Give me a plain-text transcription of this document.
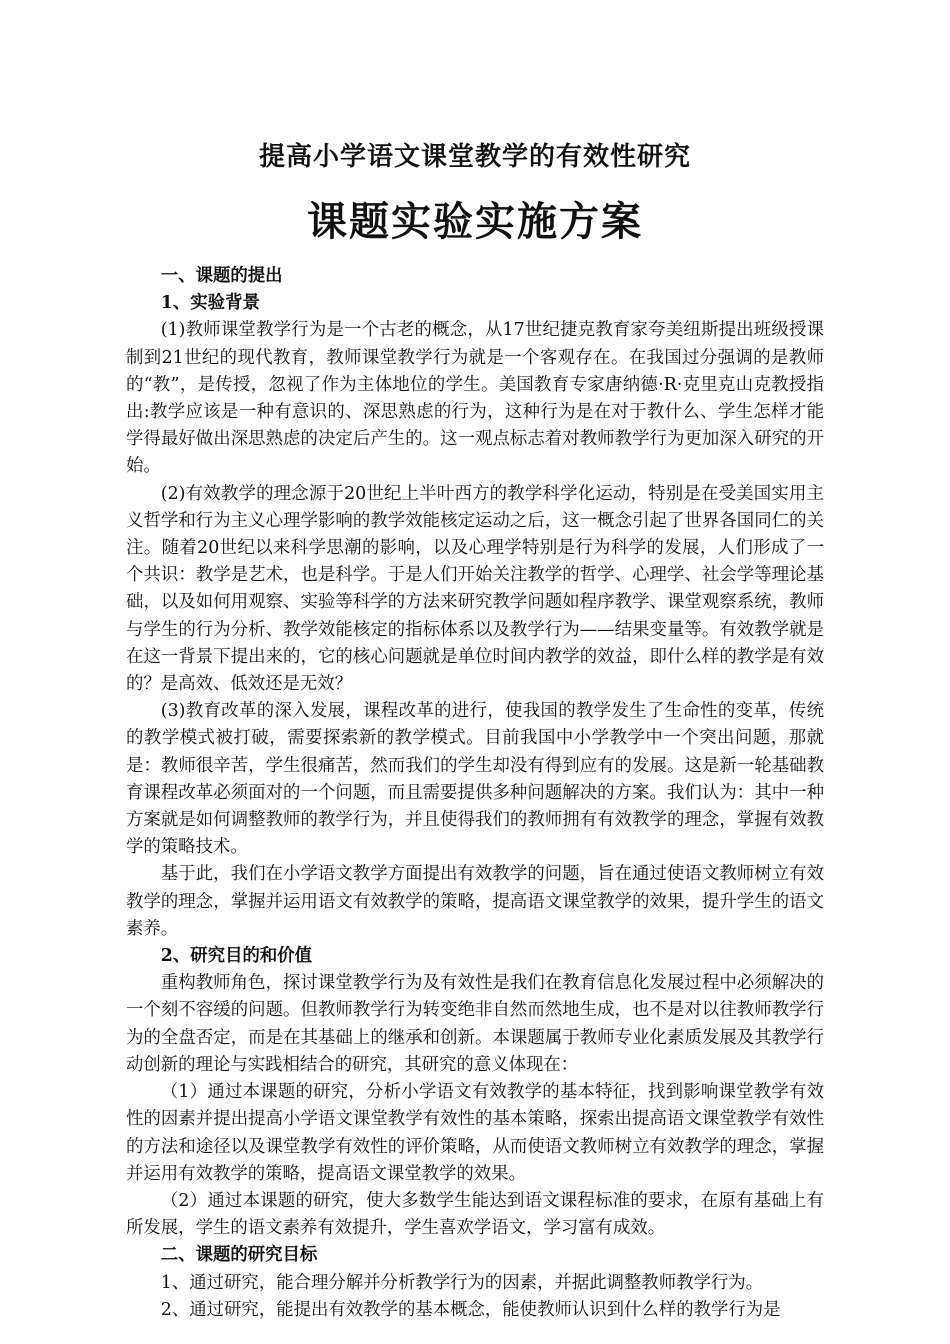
提高小学语文课堂教学的有效性研究
课题实验实施方案
一、课题的提出
1、实验背景

(1)教师课堂教学行为是一个古老的概念，从17世纪捷克教育家夸美纽斯提出班级授课制到21世纪的现代教育，教师课堂教学行为就是一个客观存在。在我国过分强调的是教师的“教”，是传授，忽视了作为主体地位的学生。美国教育专家唐纳德·R·克里克山克教授指出:教学应该是一种有意识的、深思熟虑的行为，这种行为是在对于教什么、学生怎样才能学得最好做出深思熟虑的决定后产生的。这一观点标志着对教师教学行为更加深入研究的开始。

(2)有效教学的理念源于20世纪上半叶西方的教学科学化运动，特别是在受美国实用主义哲学和行为主义心理学影响的教学效能核定运动之后，这一概念引起了世界各国同仁的关注。随着20世纪以来科学思潮的影响，以及心理学特别是行为科学的发展，人们形成了一个共识：教学是艺术，也是科学。于是人们开始关注教学的哲学、心理学、社会学等理论基础，以及如何用观察、实验等科学的方法来研究教学问题如程序教学、课堂观察系统，教师与学生的行为分析、教学效能核定的指标体系以及教学行为——结果变量等。有效教学就是在这一背景下提出来的，它的核心问题就是单位时间内教学的效益，即什么样的教学是有效的？是高效、低效还是无效？

(3)教育改革的深入发展，课程改革的进行，使我国的教学发生了生命性的变革，传统的教学模式被打破，需要探索新的教学模式。目前我国中小学教学中一个突出问题，那就是：教师很辛苦，学生很痛苦，然而我们的学生却没有得到应有的发展。这是新一轮基础教育课程改革必须面对的一个问题，而且需要提供多种问题解决的方案。我们认为：其中一种方案就是如何调整教师的教学行为，并且使得我们的教师拥有有效教学的理念，掌握有效教学的策略技术。

基于此，我们在小学语文教学方面提出有效教学的问题，旨在通过使语文教师树立有效教学的理念，掌握并运用语文有效教学的策略，提高语文课堂教学的效果，提升学生的语文素养。

2、研究目的和价值

重构教师角色，探讨课堂教学行为及有效性是我们在教育信息化发展过程中必须解决的一个刻不容缓的问题。但教师教学行为转变绝非自然而然地生成，也不是对以往教师教学行为的全盘否定，而是在其基础上的继承和创新。本课题属于教师专业化素质发展及其教学行动创新的理论与实践相结合的研究，其研究的意义体现在：

（1）通过本课题的研究，分析小学语文有效教学的基本特征，找到影响课堂教学有效性的因素并提出提高小学语文课堂教学有效性的基本策略，探索出提高语文课堂教学有效性的方法和途径以及课堂教学有效性的评价策略，从而使语文教师树立有效教学的理念，掌握并运用有效教学的策略，提高语文课堂教学的效果。

（2）通过本课题的研究，使大多数学生能达到语文课程标准的要求，在原有基础上有所发展，学生的语文素养有效提升，学生喜欢学语文，学习富有成效。

二、课题的研究目标

1、通过研究，能合理分解并分析教学行为的因素，并据此调整教师教学行为。

2、通过研究，能提出有效教学的基本概念，能使教师认识到什么样的教学行为是
